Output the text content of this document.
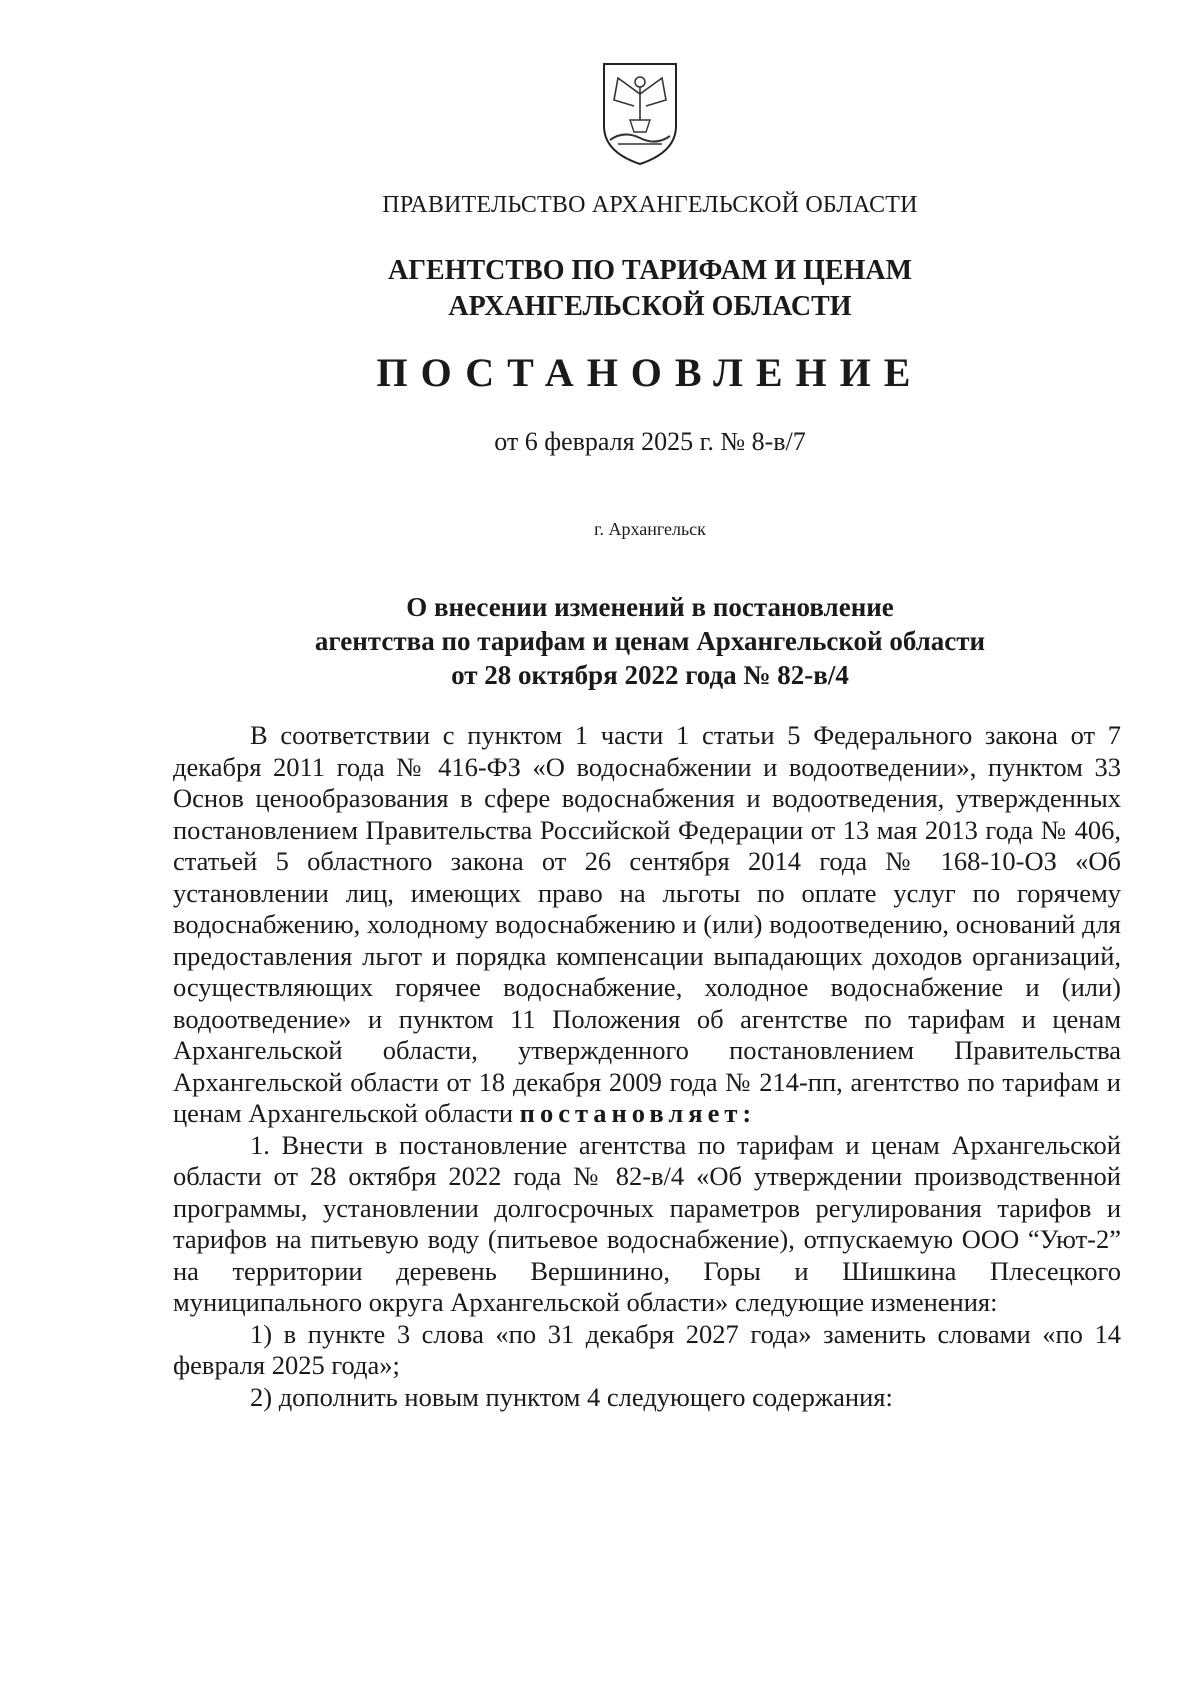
ПРАВИТЕЛЬСТВО АРХАНГЕЛЬСКОЙ ОБЛАСТИ
АГЕНТСТВО ПО ТАРИФАМ И ЦЕНАМ
АРХАНГЕЛЬСКОЙ ОБЛАСТИ
ПОСТАНОВЛЕНИЕ
от 6 февраля 2025 г. № 8-в/7
г. Архангельск
О внесении изменений в постановление
агентства по тарифам и ценам Архангельской области
от 28 октября 2022 года № 82-в/4

В соответствии с пунктом 1 части 1 статьи 5 Федерального закона от 7 декабря 2011 года № 416-ФЗ «О водоснабжении и водоотведении», пунктом 33 Основ ценообразования в сфере водоснабжения и водоотведения, утвержденных постановлением Правительства Российской Федерации от 13 мая 2013 года № 406, статьей 5 областного закона от 26 сентября 2014 года № 168-10-ОЗ «Об установлении лиц, имеющих право на льготы по оплате услуг по горячему водоснабжению, холодному водоснабжению и (или) водоотведению, оснований для предоставления льгот и порядка компенсации выпадающих доходов организаций, осуществляющих горячее водоснабжение, холодное водоснабжение и (или) водоотведение» и пунктом 11 Положения об агентстве по тарифам и ценам Архангельской области, утвержденного постановлением Правительства Архангельской области от 18 декабря 2009 года № 214-пп, агентство по тарифам и ценам Архангельской области постановляет:

1. Внести в постановление агентства по тарифам и ценам Архангельской области от 28 октября 2022 года № 82-в/4 «Об утверждении производственной программы, установлении долгосрочных параметров регулирования тарифов и тарифов на питьевую воду (питьевое водоснабжение), отпускаемую ООО “Уют-2” на территории деревень Вершинино, Горы и Шишкина Плесецкого муниципального округа Архангельской области» следующие изменения:

1) в пункте 3 слова «по 31 декабря 2027 года» заменить словами «по 14 февраля 2025 года»;

2) дополнить новым пунктом 4 следующего содержания:
